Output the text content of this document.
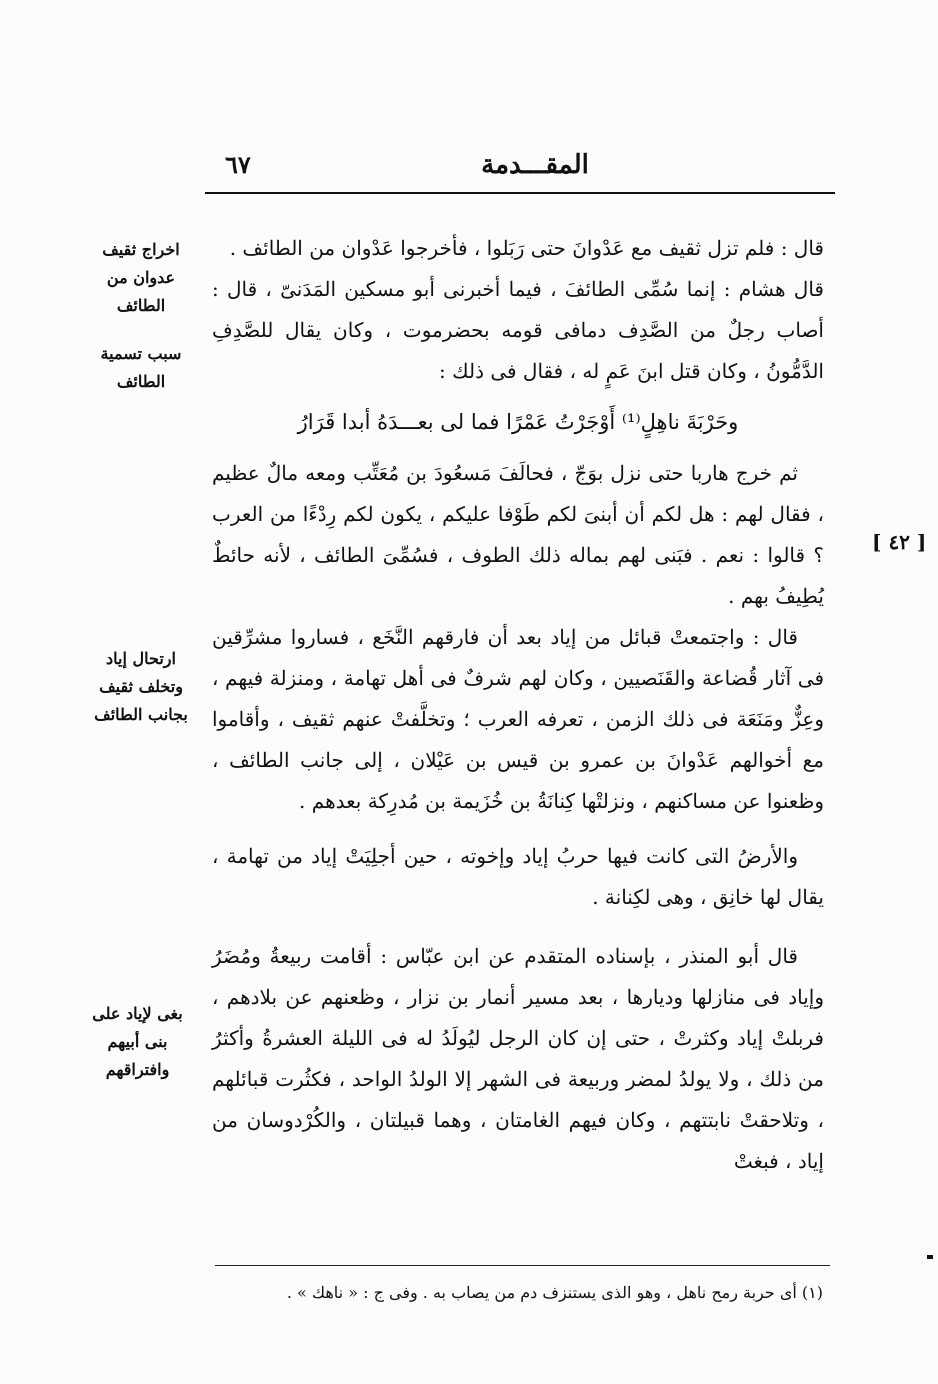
المقـــدمة
٦٧
اخراج ثقيف عدوان من الطائف
سبب تسمية الطائف
ارتحال إياد وتخلف ثقيف بجانب الطائف
بغى لإياد على بنى أبيهم وافتراقهم
[ ٤٢ ]

قال : فلم تزل ثقيف مع عَدْوانَ حتى رَبَلوا ، فأخرجوا عَدْوان من الطائف .

قال هشام : إنما سُمِّى الطائفَ ، فيما أخبرنى أبو مسكين المَدَنىّ ، قال : أصاب رجلٌ من الصَّدِف دمافى قومه بحضرموت ، وكان يقال للصَّدِفِ الدَّمُّونُ ، وكان قتل ابنَ عَمٍ له ، فقال فى ذلك :

وحَرْبَةَ ناهِلٍ⁽¹⁾ أَوْجَرْتُ عَمْرًا فما لى بعـــدَهُ أبدا قَرَارُ

ثم خرج هاربا حتى نزل بوَجّ ، فحالَفَ مَسعُودَ بن مُعَتِّب ومعه مالٌ عظيم ، فقال لهم : هل لكم أن أبنىَ لكم طَوْفا عليكم ، يكون لكم رِدْءًا من العرب ؟ قالوا : نعم . فبَنى لهم بماله ذلك الطوف ، فسُمِّىَ الطائف ، لأنه حائطٌ يُطِيفُ بهم .

قال : واجتمعتْ قبائل من إياد بعد أن فارقهم النَّخَع ، فساروا مشرِّقين فى آثار قُضاعة والقَنَصيين ، وكان لهم شرفٌ فى أهل تهامة ، ومنزلة فيهم ، وعِزٌّ ومَنَعَة فى ذلك الزمن ، تعرفه العرب ؛ وتخلَّفتْ عنهم ثقيف ، وأقاموا مع أخوالهم عَدْوانَ بن عمرو بن قيس بن عَيْلان ، إلى جانب الطائف ، وظعنوا عن مساكنهم ، ونزلتْها كِنانَةُ بن خُزَيمة بن مُدرِكة بعدهم .

والأرضُ التى كانت فيها حربُ إياد وإخوته ، حين أجلِيَتْ إياد من تهامة ، يقال لها خانِق ، وهى لكِنانة .

قال أبو المنذر ، بإسناده المتقدم عن ابن عبّاس : أقامت ربيعةُ ومُضَرُ وإياد فى منازلها وديارها ، بعد مسير أنمار بن نزار ، وظعنهم عن بلادهم ، فربلتْ إياد وكثرتْ ، حتى إن كان الرجل ليُولَدُ له فى الليلة العشرةُ وأكثرُ من ذلك ، ولا يولدُ لمضر وربيعة فى الشهر إلا الولدُ الواحد ، فكثُرت قبائلهم ، وتلاحقتْ نابتتهم ، وكان فيهم الغامتان ، وهما قبيلتان ، والكُرْدوسان من إياد ، فبغتْ

(١) أى حربة رمح ناهل ، وهو الذى يستنزف دم من يصاب به . وفى ج : « ناهك » .
